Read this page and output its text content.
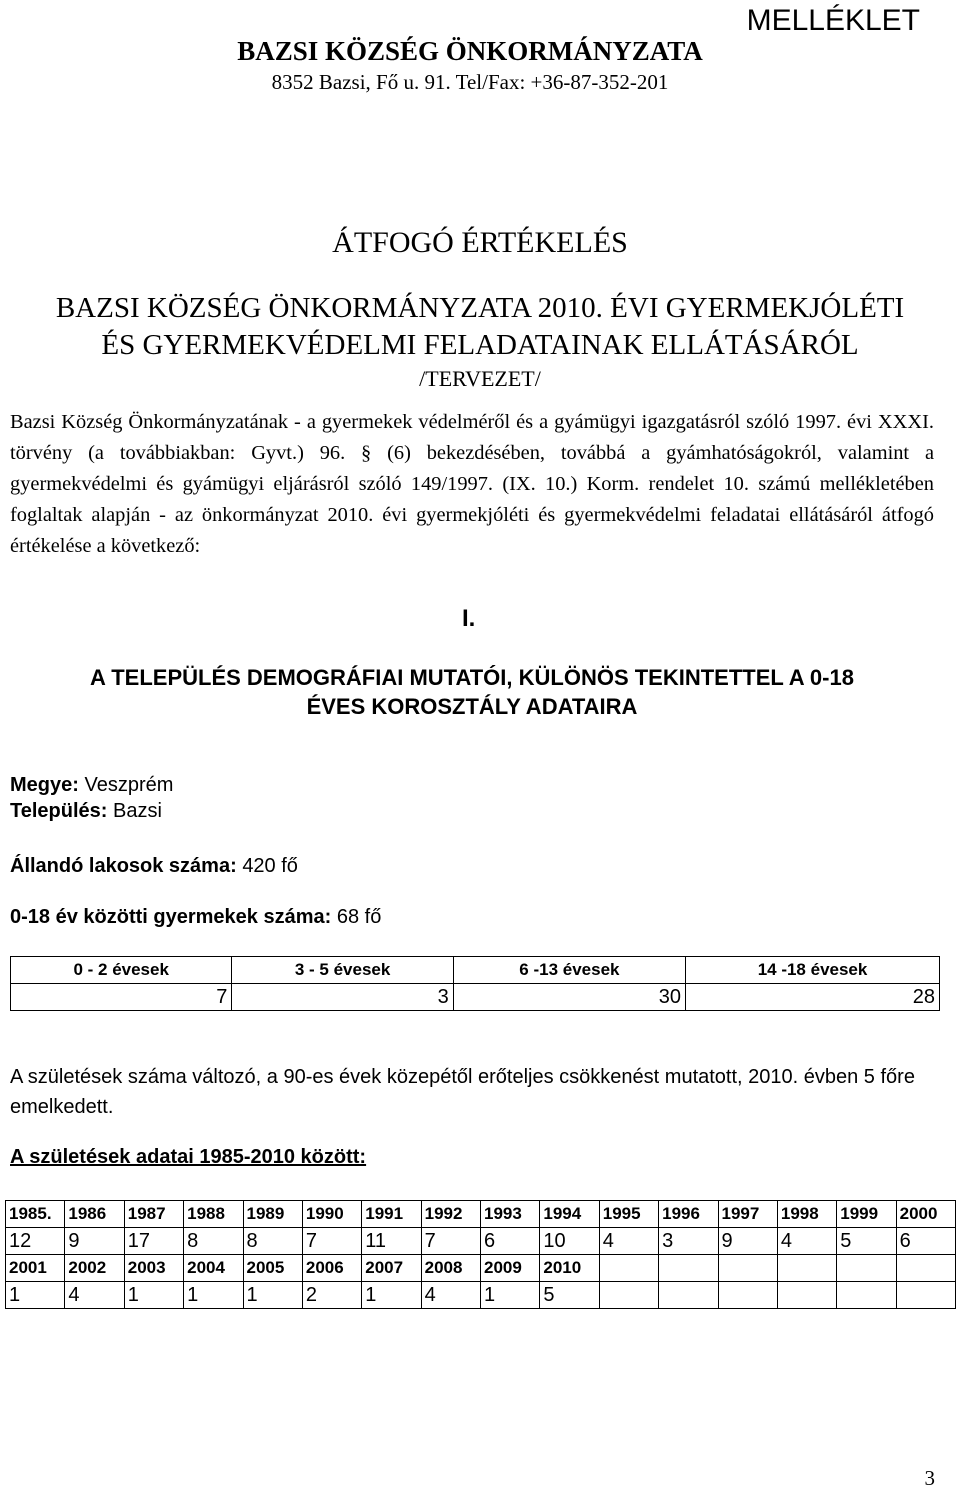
MELLÉKLET
BAZSI KÖZSÉG ÖNKORMÁNYZATA
8352 Bazsi, Fő u. 91. Tel/Fax: +36-87-352-201
ÁTFOGÓ ÉRTÉKELÉS
BAZSI KÖZSÉG ÖNKORMÁNYZATA 2010. ÉVI GYERMEKJÓLÉTI
ÉS GYERMEKVÉDELMI FELADATAINAK ELLÁTÁSÁRÓL
/TERVEZET/
Bazsi Község Önkormányzatának - a gyermekek védelméről és a gyámügyi igazgatásról szóló 1997. évi XXXI. törvény (a továbbiakban: Gyvt.) 96. § (6) bekezdésében, továbbá a gyámhatóságokról, valamint a gyermekvédelmi és gyámügyi eljárásról szóló 149/1997. (IX. 10.) Korm. rendelet 10. számú mellékletében foglaltak alapján - az önkormányzat 2010. évi gyermekjóléti és gyermekvédelmi feladatai ellátásáról átfogó értékelése a következő:
I.
A TELEPÜLÉS DEMOGRÁFIAI MUTATÓI, KÜLÖNÖS TEKINTETTEL A 0-18
ÉVES KOROSZTÁLY ADATAIRA
Megye: Veszprém
Település: Bazsi
Állandó lakosok száma: 420 fő
0-18 év közötti gyermekek száma: 68 fő
0 - 2 évesek	3 - 5 évesek	6 -13 évesek	14 -18 évesek
7	3	30	28
A születések száma változó, a 90-es évek közepétől erőteljes csökkenést mutatott, 2010. évben 5 főre emelkedett.
A születések adatai 1985-2010 között:
1985.	1986	1987	1988	1989	1990	1991	1992	1993	1994	1995	1996	1997	1998	1999	2000
12	9	17	8	8	7	11	7	6	10	4	3	9	4	5	6
2001	2002	2003	2004	2005	2006	2007	2008	2009	2010						
1	4	1	1	1	2	1	4	1	5						
3
